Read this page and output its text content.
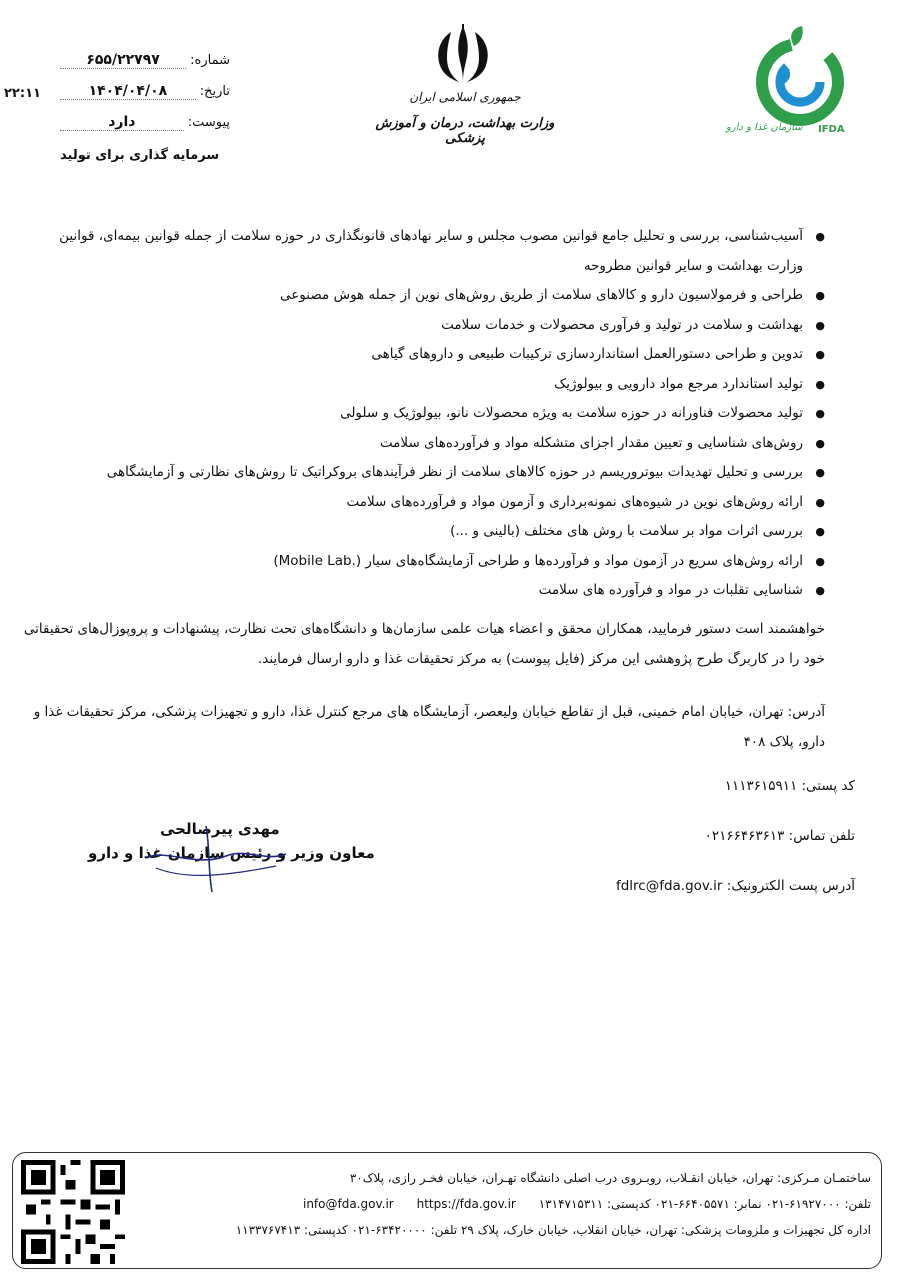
شماره:
۶۵۵/۲۲۷۹۷
تاریخ:
۱۴۰۴/۰۴/۰۸
پیوست:
دارد
۲۲:۱۱
سرمایه گذاری برای تولید
جمهوری اسلامی ایران
وزارت بهداشت، درمان و آموزش پزشکی
سازمان غذا و دارو IFDA
● آسیب‌شناسی، بررسی و تحلیل جامع قوانین مصوب مجلس و سایر نهادهای قانونگذاری در حوزه سلامت از جمله قوانین بیمه‌ای، قوانین وزارت بهداشت و سایر قوانین مطروحه
● طراحی و فرمولاسیون دارو و کالاهای سلامت از طریق روش‌های نوین از جمله هوش مصنوعی
● بهداشت و سلامت در تولید و فرآوری محصولات و خدمات سلامت
● تدوین و طراحی دستورالعمل استانداردسازی ترکیبات طبیعی و داروهای گیاهی
● تولید استاندارد مرجع مواد دارویی و بیولوژیک
● تولید محصولات فناورانه در حوزه سلامت به ویژه محصولات نانو، بیولوژیک و سلولی
● روش‌های شناسایی و تعیین مقدار اجزای متشکله مواد و فرآورده‌های سلامت
● بررسی و تحلیل تهدیدات بیوتروریسم در حوزه کالاهای سلامت از نظر فرآیندهای بروکراتیک تا روش‌های نظارتی و آزمایشگاهی
● ارائه روش‌های نوین در شیوه‌های نمونه‌برداری و آزمون مواد و فرآورده‌های سلامت
● بررسی اثرات مواد بر سلامت با روش های مختلف (بالینی و ...)
● ارائه روش‌های سریع در آزمون مواد و فرآورده‌ها و طراحی آزمایشگاه‌های سیار (.Mobile Lab)
● شناسایی تقلبات در مواد و فرآورده های سلامت
خواهشمند است دستور فرمایید، همکاران محقق و اعضاء هیات علمی سازمان‌ها و دانشگاه‌های تحت نظارت، پیشنهادات و پروپوزال‌های تحقیقاتی خود را در کاربرگ طرح پژوهشی این مرکز (فایل پیوست) به مرکز تحقیقات غذا و دارو ارسال فرمایند.
آدرس: تهران، خیابان امام خمینی، قبل از تقاطع خیابان ولیعصر، آزمایشگاه های مرجع کنترل غذا، دارو و تجهیزات پزشکی، مرکز تحقیقات غذا و دارو، پلاک ۴۰۸
کد پستی: ۱۱۱۳۶۱۵۹۱۱
تلفن تماس: ۰۲۱۶۶۴۶۳۶۱۳
آدرس پست الکترونیک: fdlrc@fda.gov.ir
مهدی پیرصالحی
معاون وزیر و رئیس سازمان غذا و دارو
ساختمـان مـرکزی: تهران، خیابان انقـلاب، روبـروی درب اصلی دانشگاه تهـران، خیابان فخـر رازی، پلاک۳۰
تلفن: ۶۱۹۲۷۰۰۰-۰۲۱ نمابر: ۶۶۴۰۵۵۷۱-۰۲۱ کدپستی: ۱۳۱۴۷۱۵۳۱۱      info@fda.gov.ir https://fda.gov.ir
اداره کل تجهیزات و ملزومات پزشکی: تهران، خیابان انقلاب، خیابان خارک، پلاک ۲۹ تلفن: ۶۳۴۲۰۰۰۰-۰۲۱ کدپستی: ۱۱۳۳۷۶۷۴۱۳
